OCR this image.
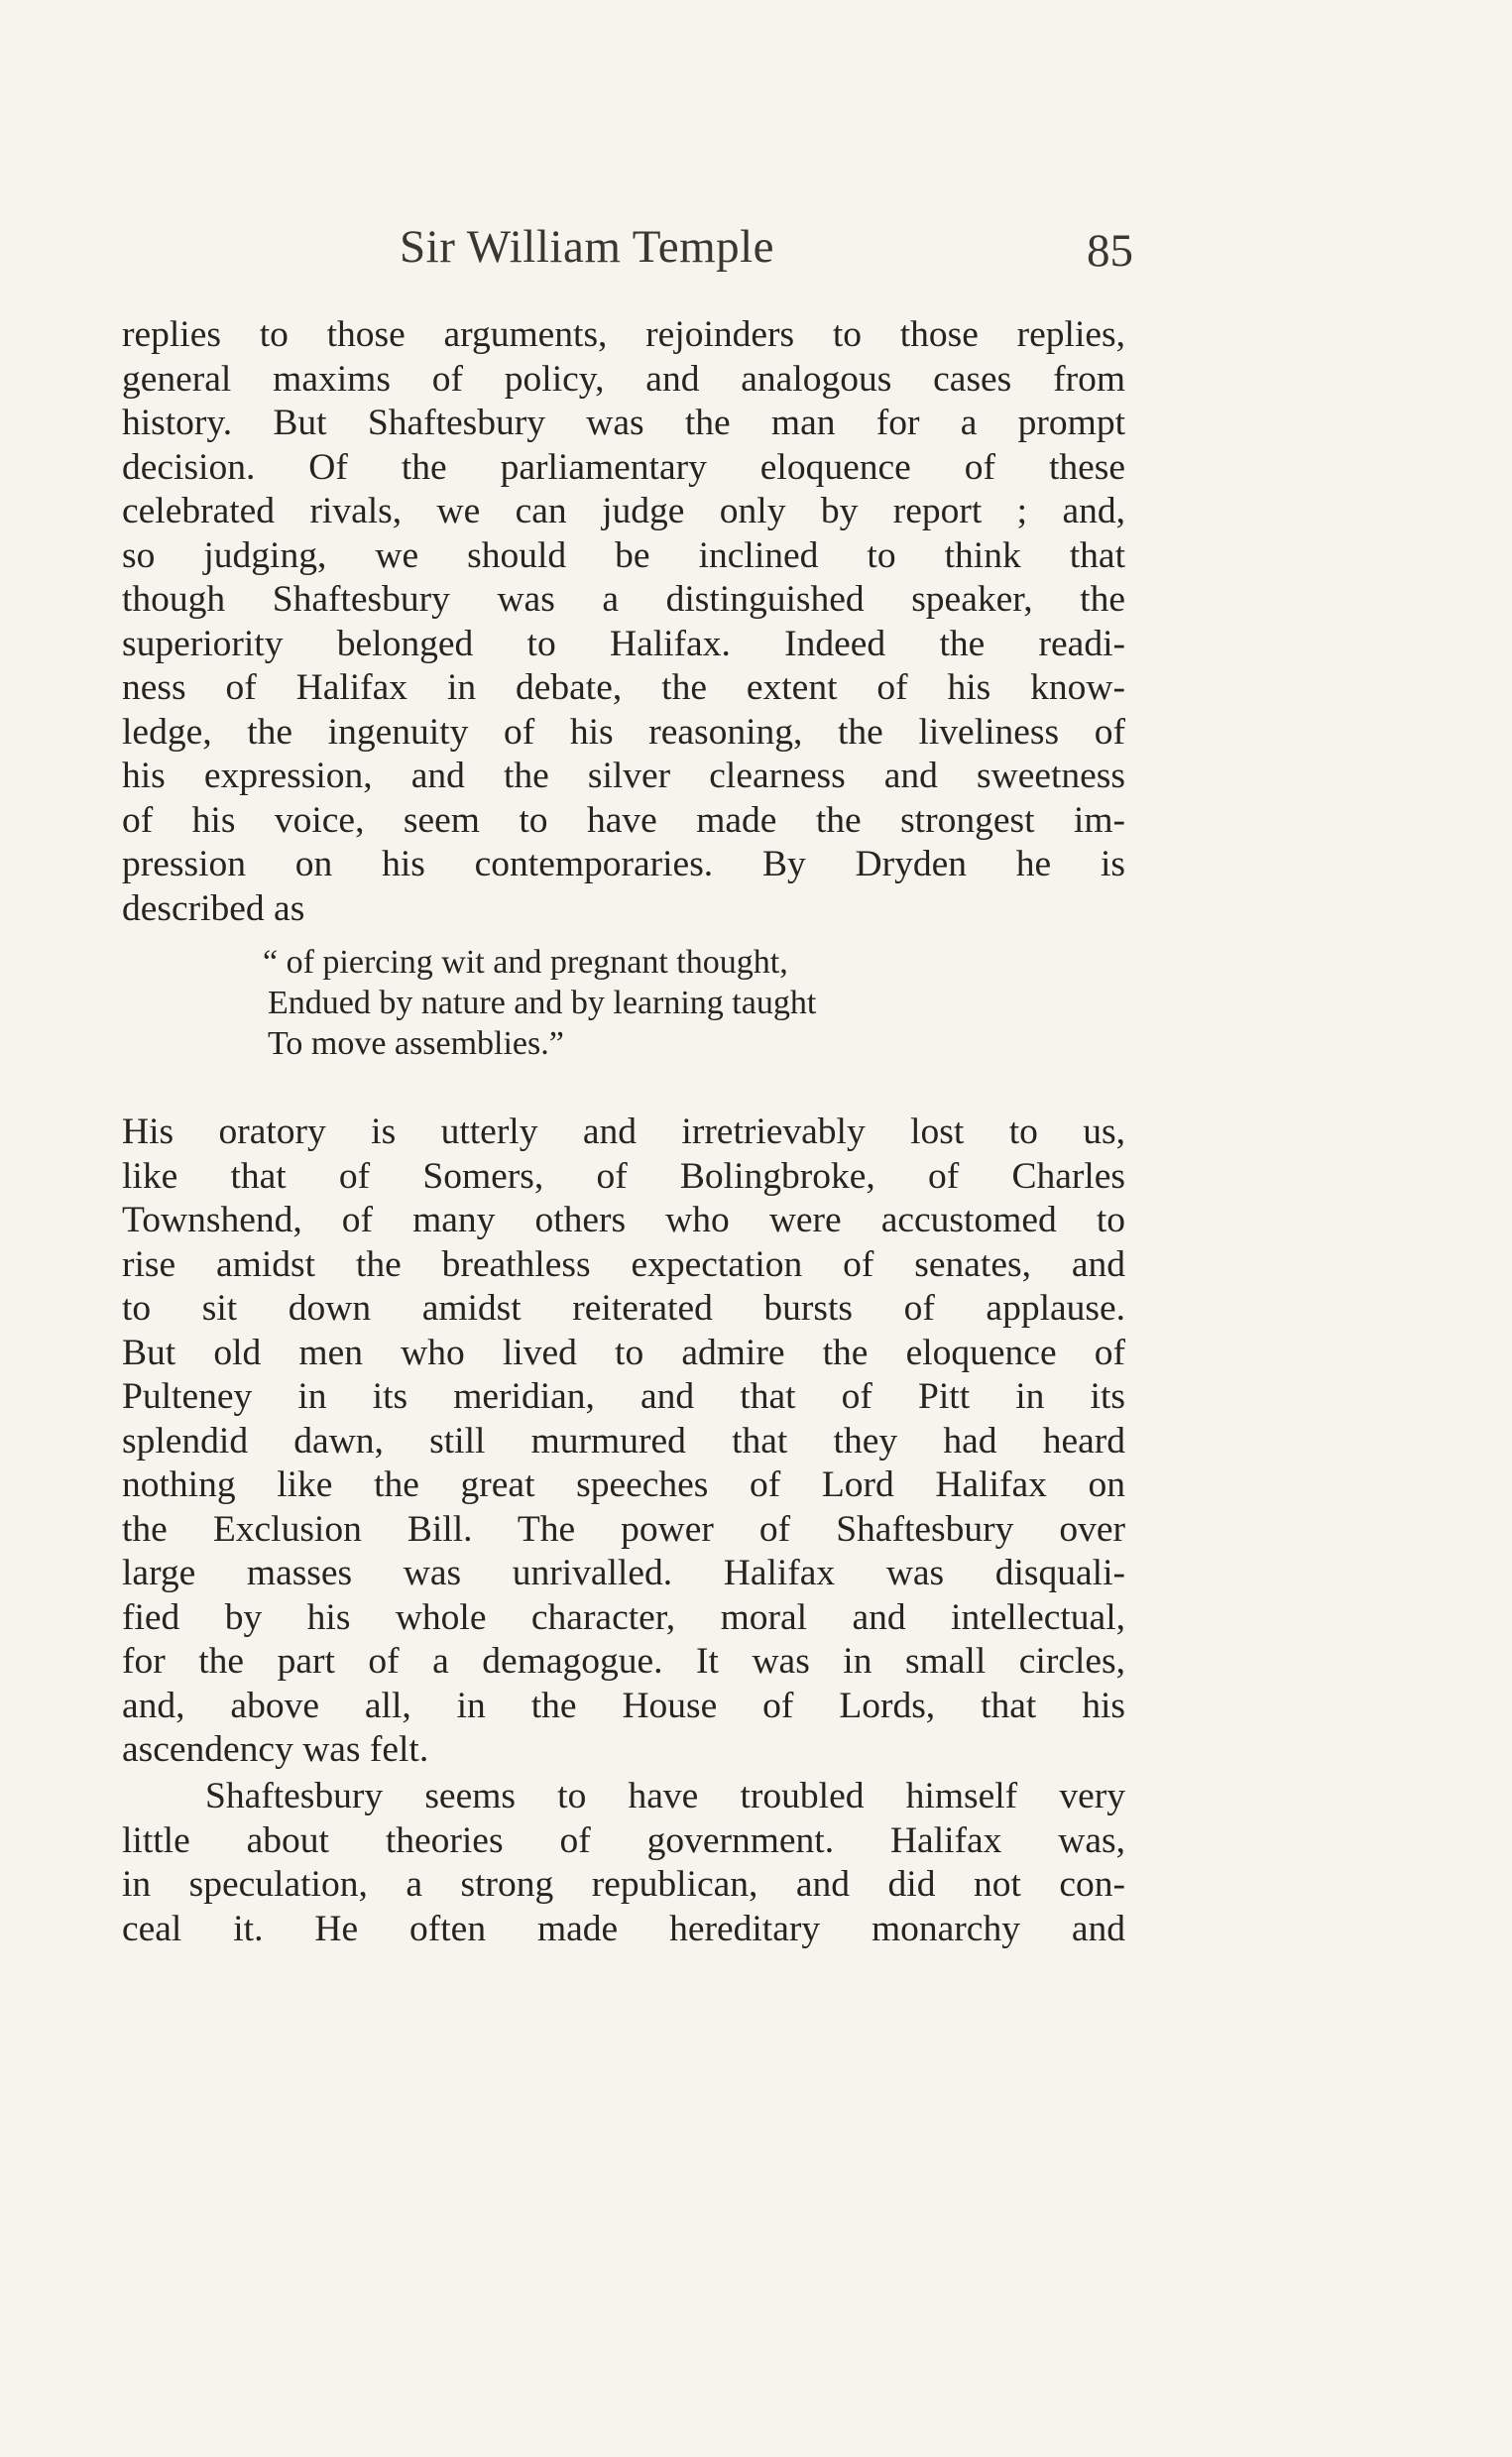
Sir William Temple	85
replies to those arguments, rejoinders to those replies,
general maxims of policy, and analogous cases from
history. But Shaftesbury was the man for a prompt
decision. Of the parliamentary eloquence of these
celebrated rivals, we can judge only by report ; and,
so judging, we should be inclined to think that
though Shaftesbury was a distinguished speaker, the
superiority belonged to Halifax. Indeed the readi-
ness of Halifax in debate, the extent of his know-
ledge, the ingenuity of his reasoning, the liveliness of
his expression, and the silver clearness and sweetness
of his voice, seem to have made the strongest im-
pression on his contemporaries. By Dryden he is
described as
“ of piercing wit and pregnant thought,
Endued by nature and by learning taught
To move assemblies.”
His oratory is utterly and irretrievably lost to us,
like that of Somers, of Bolingbroke, of Charles
Townshend, of many others who were accustomed to
rise amidst the breathless expectation of senates, and
to sit down amidst reiterated bursts of applause.
But old men who lived to admire the eloquence of
Pulteney in its meridian, and that of Pitt in its
splendid dawn, still murmured that they had heard
nothing like the great speeches of Lord Halifax on
the Exclusion Bill. The power of Shaftesbury over
large masses was unrivalled. Halifax was disquali-
fied by his whole character, moral and intellectual,
for the part of a demagogue. It was in small circles,
and, above all, in the House of Lords, that his
ascendency was felt.
Shaftesbury seems to have troubled himself very
little about theories of government. Halifax was,
in speculation, a strong republican, and did not con-
ceal it. He often made hereditary monarchy and
